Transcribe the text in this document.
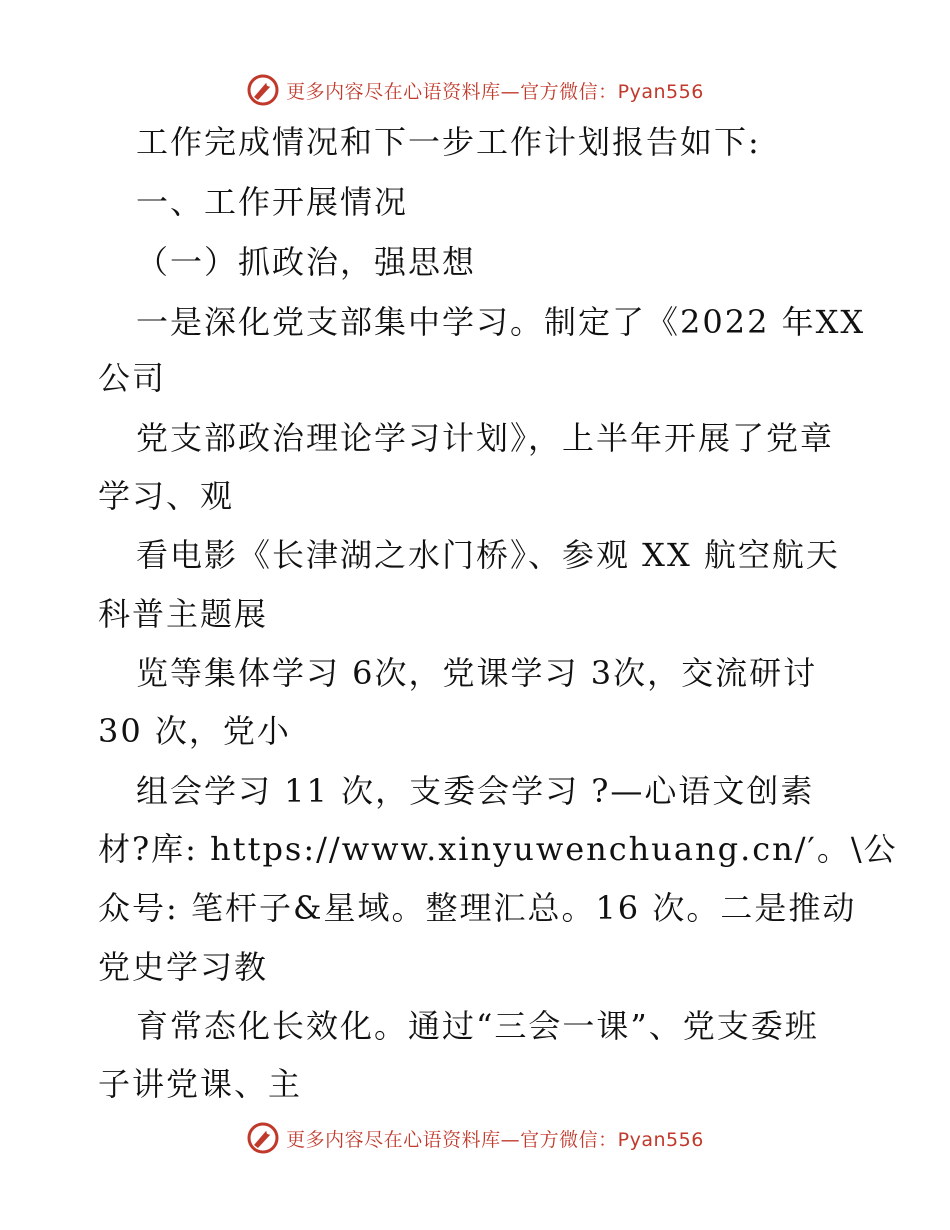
更多内容尽在心语资料库—官方微信：Pyan556
工作完成情况和下一步工作计划报告如下:
一、工作开展情况
（一）抓政治，强思想
一是深化党支部集中学习。制定了《2022 年XX
公司
党支部政治理论学习计划》，上半年开展了党章
学习、观
看电影《长津湖之水门桥》、参观 XX 航空航天
科普主题展
览等集体学习 6次，党课学习 3次，交流研讨
30 次，党小
组会学习 11 次，支委会学习 ?—心语文创素
材?库: https://www.xinyuwenchuang.cn/′。\公
众号: 笔杆子&星域。整理汇总。16 次。二是推动
党史学习教
育常态化长效化。通过“三会一课”、党支委班
子讲党课、主
更多内容尽在心语资料库—官方微信：Pyan556
